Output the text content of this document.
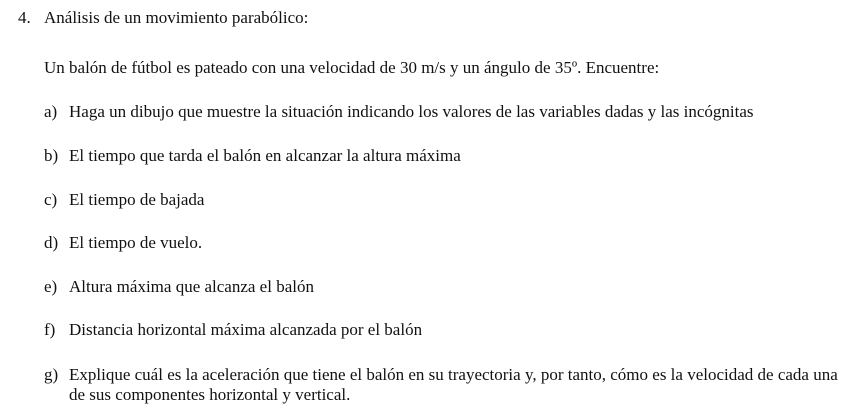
4. Análisis de un movimiento parabólico:
Un balón de fútbol es pateado con una velocidad de 30 m/s y un ángulo de 35º. Encuentre:
a) Haga un dibujo que muestre la situación indicando los valores de las variables dadas y las incógnitas
b) El tiempo que tarda el balón en alcanzar la altura máxima
c) El tiempo de bajada
d) El tiempo de vuelo.
e) Altura máxima que alcanza el balón
f) Distancia horizontal máxima alcanzada por el balón
g) Explique cuál es la aceleración que tiene el balón en su trayectoria y, por tanto, cómo es la velocidad de cada una de sus componentes horizontal y vertical.
